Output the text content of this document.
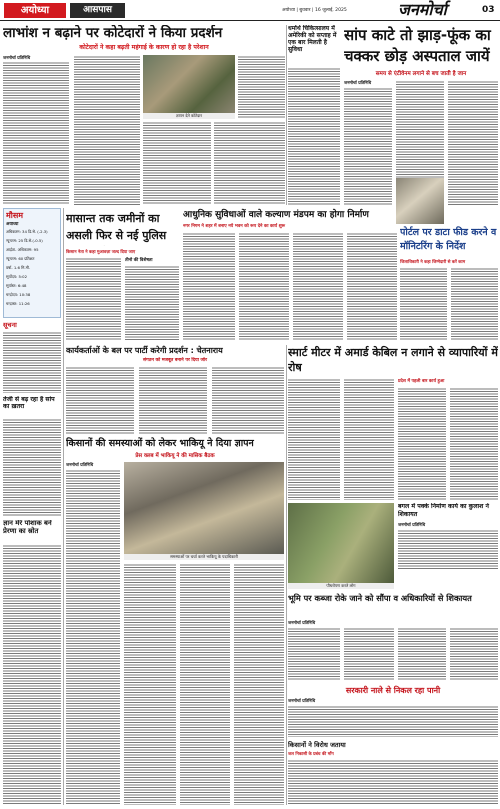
अयोध्या	आसपास	अयोध्या | बुधवार | 16 जुलाई, 2025	जनमोर्चा	03
लाभांश न बढ़ाने पर कोटेदारों ने किया प्रदर्शन
कोटेदारों ने कहा बढ़ती महंगाई के कारण हो रहा है परेशान
जनमोर्चा प्रतिनिधि
ज्ञापन देते कोटेदार
मौसम
अयोध्या
अधिकतम: 34 डि.से. (-2.3)
न्यूनतम: 25 डि.से.(-0.5)
आर्द्रता- अधिकतम: 95
न्यूनतम: 60 प्रतिशत
वर्षा- 1.6 मि.मी.
सूर्योदय: 5:02
सूर्यास्त: 6:48
चन्द्रोदय: 10:38
चन्द्रास्त: 11:26
सूचना
तेजी से बढ़ रहा है सांप का ख़तरा
ज्ञान मेरे पोशाक बनें प्रेरणा का स्रोत
मासान्त तक जमीनों का असली फिर से नई पुलिस
किसान नेता ने कहा मुआवज़ा जल्द दिया जाए
तीनो की विशेषता
कार्यकर्ताओं के बल पर पार्टी करेगी प्रदर्शन : चेतनाराय
संगठन को मजबूत बनाने पर दिया जोर
किसानों की समस्याओं को लेकर भाकियू ने दिया ज्ञापन
प्रेस क्लब में भाकियू ने की मासिक बैठक
जनमोर्चा प्रतिनिधि
समस्याओं पर चर्चा करते भाकियू के पदाधिकारी
आधुनिक सुविधाओं वाले कल्याण मंडपम का होगा निर्माण
नगर निगम ने शहर में बनाए नये भवन को रूप देने का कार्य शुरू
धर्मार्थ चिकित्सालय में अमेरिकी को सप्ताह में एक बार मिलती है सुविधा
सांप काटे तो झाड़-फूंक का चक्कर छोड़ अस्पताल जायें
समय से एंटीवेनम लगाने से बच जाती है जान
जनमोर्चा प्रतिनिधि
पोर्टल पर डाटा फीड करने व मॉनिटरिंग के निर्देश
जिलाधिकारी ने कहा जिम्मेदारी से करें काम
स्मार्ट मीटर में अमार्ड केबिल न लगाने से व्यापारियों में रोष
प्रदेश में पहली बार कार्य हुआ
बगल में पक्के निर्माण कार्य का कुलाश ने शिकायत
जनमोर्चा प्रतिनिधि
पौधरोपण करते लोग
भूमि पर कब्जा रोके जाने को सौंपा व अधिकारियों से शिकायत
जनमोर्चा प्रतिनिधि
सरकारी नाले से निकल रहा पानी
जनमोर्चा प्रतिनिधि
किसानों ने विरोध जताया
जल निकासी के प्रबंध की माँग
